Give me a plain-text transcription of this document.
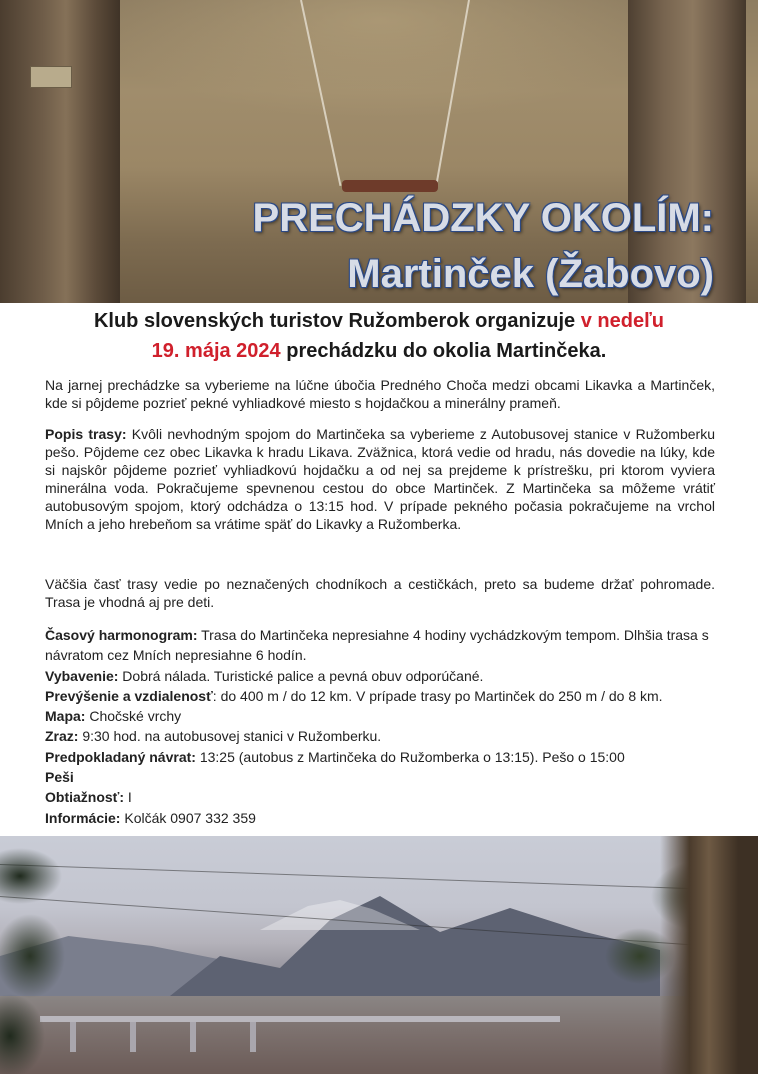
PRECHÁDZKY OKOLÍM:
Martinček (Žabovo)
Klub slovenských turistov Ružomberok organizuje v nedeľu
19. mája 2024 prechádzku do okolia Martinčeka.
Na jarnej prechádzke sa vyberieme na lúčne úbočia Predného Choča medzi obcami Likavka a Martinček, kde si pôjdeme pozrieť pekné vyhliadkové miesto s hojdačkou a minerálny prameň.
Popis trasy: Kvôli nevhodným spojom do Martinčeka sa vyberieme z Autobusovej stanice v Ružomberku pešo. Pôjdeme cez obec Likavka k hradu Likava. Zväžnica, ktorá vedie od hradu, nás dovedie na lúky, kde si najskôr pôjdeme pozrieť vyhliadkovú hojdačku a od nej sa prejdeme k prístrešku, pri ktorom vyviera minerálna voda. Pokračujeme spevnenou cestou do obce Martinček. Z Martinčeka sa môžeme vrátiť autobusovým spojom, ktorý odchádza o 13:15 hod. V prípade pekného počasia pokračujeme na vrchol Mních a jeho hrebeňom sa vrátime späť do Likavky a Ružomberka.
Väčšia časť trasy vedie po neznačených chodníkoch a cestičkách, preto sa budeme držať pohromade. Trasa je vhodná aj pre deti.
Časový harmonogram: Trasa do Martinčeka nepresiahne 4 hodiny vychádzkovým tempom. Dlhšia trasa s návratom cez Mních nepresiahne 6 hodín.
Vybavenie: Dobrá nálada. Turistické palice a pevná obuv odporúčané.
Prevýšenie a vzdialenosť: do 400 m / do 12 km. V prípade trasy po Martinček do 250 m / do 8 km.
Mapa: Chočské vrchy
Zraz: 9:30 hod. na autobusovej stanici v Ružomberku.
Predpokladaný návrat: 13:25 (autobus z Martinčeka do Ružomberka o 13:15). Pešo o 15:00
Peši
Obtiažnosť: I
Informácie: Kolčák 0907 332 359
